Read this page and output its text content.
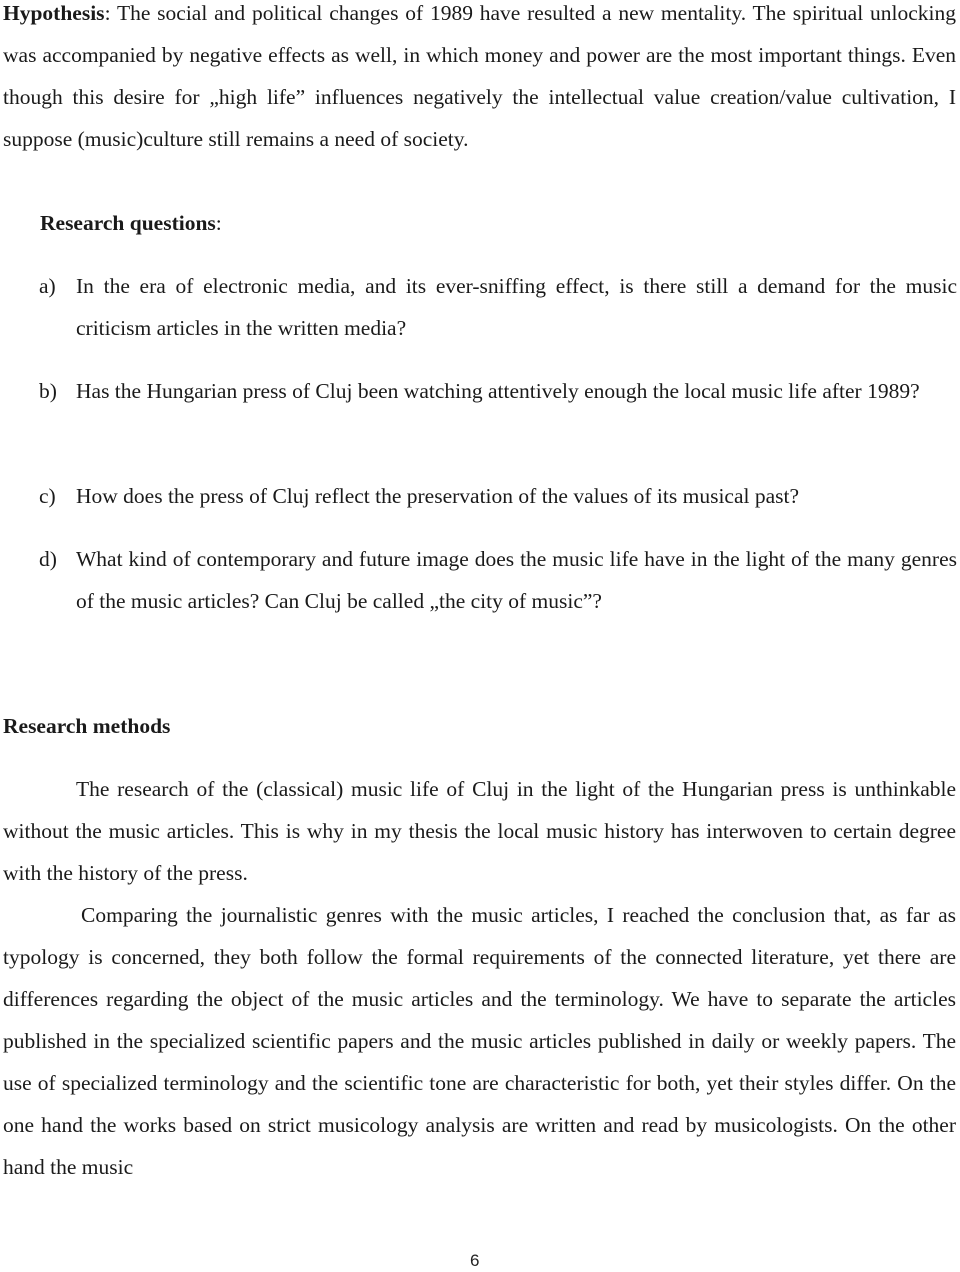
Hypothesis: The social and political changes of 1989 have resulted a new mentality. The spiritual unlocking was accompanied by negative effects as well, in which money and power are the most important things. Even though this desire for „high life” influences negatively the intellectual value creation/value cultivation, I suppose (music)culture still remains a need of society.

Research questions:

a) In the era of electronic media, and its ever-sniffing effect, is there still a demand for the music criticism articles in the written media?
b) Has the Hungarian press of Cluj been watching attentively enough the local music life after 1989?
c) How does the press of Cluj reflect the preservation of the values of its musical past?
d) What kind of contemporary and future image does the music life have in the light of the many genres of the music articles? Can Cluj be called „the city of music”?
Research methods

The research of the (classical) music life of Cluj in the light of the Hungarian press is unthinkable without the music articles. This is why in my thesis the local music history has interwoven to certain degree with the history of the press.

Comparing the journalistic genres with the music articles, I reached the conclusion that, as far as typology is concerned, they both follow the formal requirements of the connected literature, yet there are differences regarding the object of the music articles and the terminology. We have to separate the articles published in the specialized scientific papers and the music articles published in daily or weekly papers. The use of specialized terminology and the scientific tone are characteristic for both, yet their styles differ. On the one hand the works based on strict musicology analysis are written and read by musicologists. On the other hand the music

6
